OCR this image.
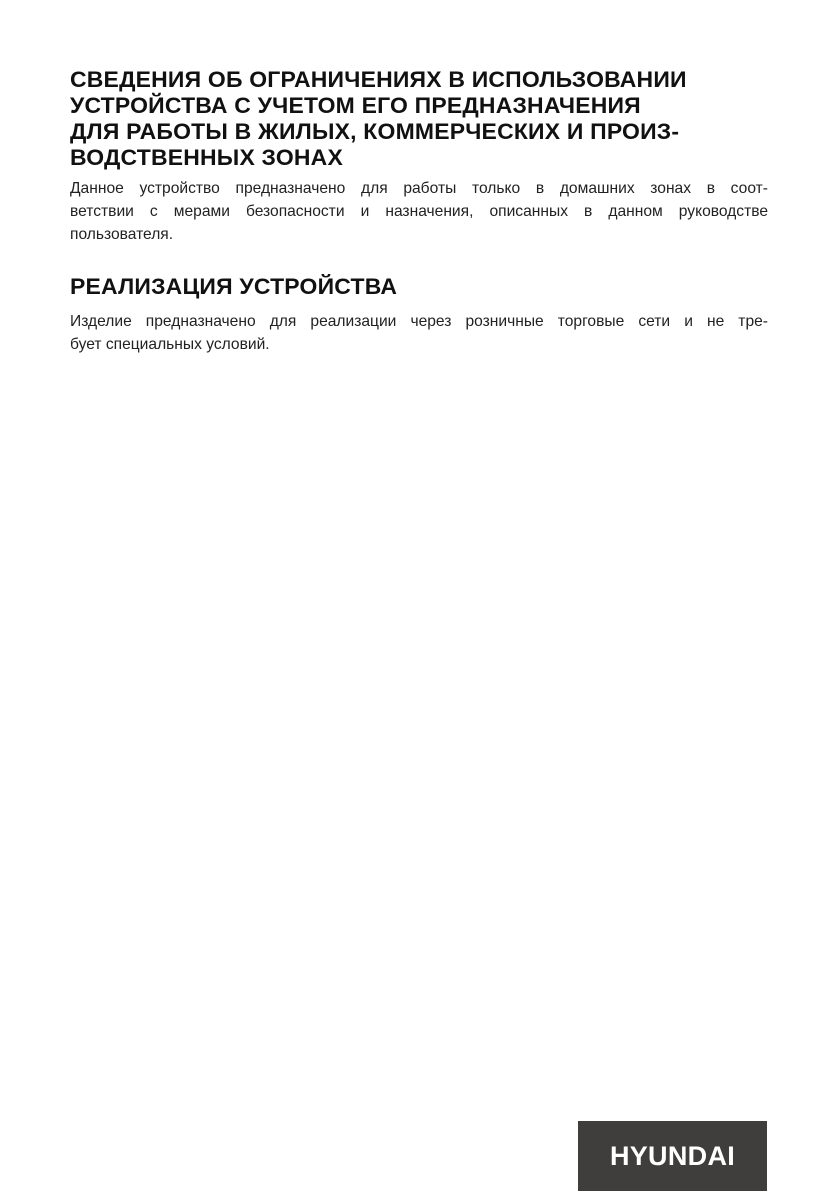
СВЕДЕНИЯ ОБ ОГРАНИЧЕНИЯХ В ИСПОЛЬЗОВАНИИ
УСТРОЙСТВА С УЧЕТОМ ЕГО ПРЕДНАЗНАЧЕНИЯ
ДЛЯ РАБОТЫ В ЖИЛЫХ, КОММЕРЧЕСКИХ И ПРОИЗ-
ВОДСТВЕННЫХ ЗОНАХ
Данное устройство предназначено для работы только в домашних зонах в соот-
ветствии с мерами безопасности и назначения, описанных в данном руководстве
пользователя.
РЕАЛИЗАЦИЯ УСТРОЙСТВА
Изделие предназначено для реализации через розничные торговые сети и не тре-
бует специальных условий.
HYUNDAI
